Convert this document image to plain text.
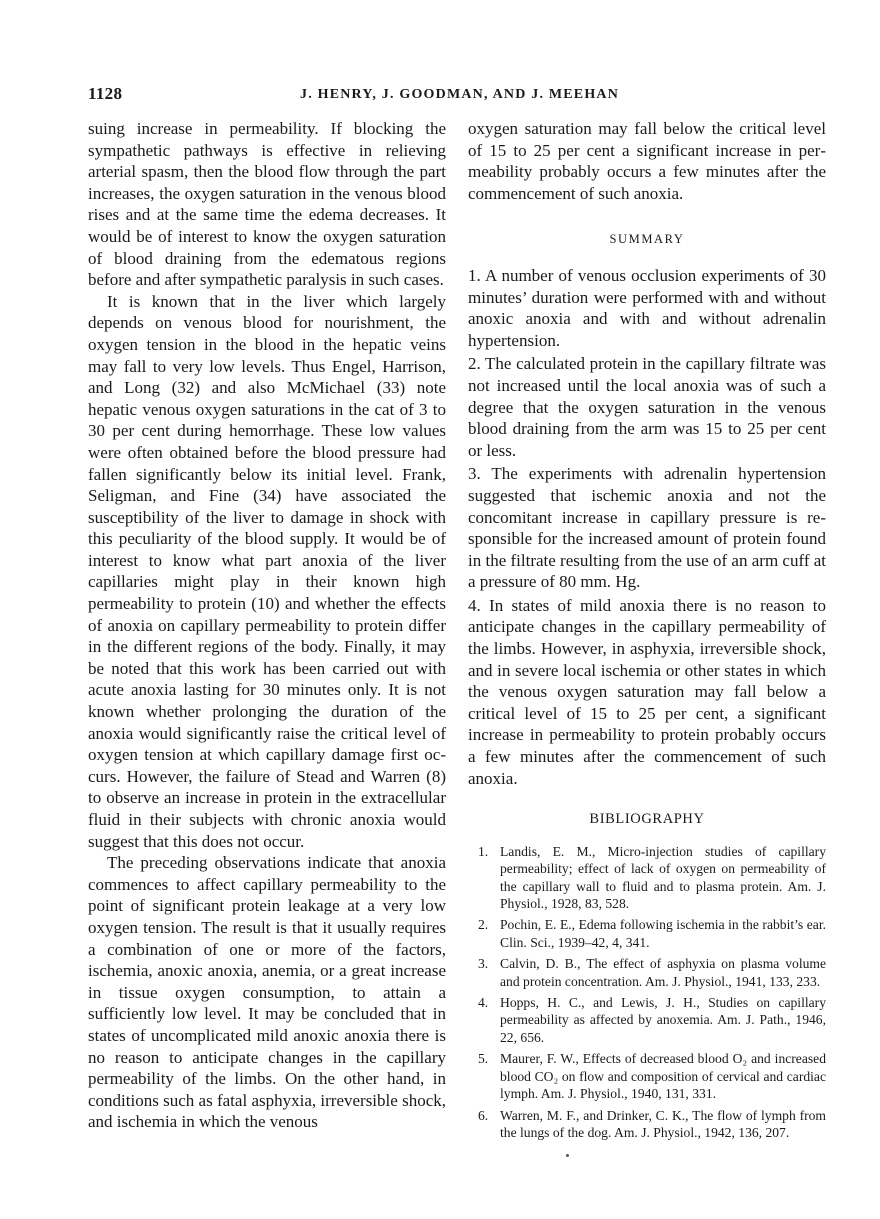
1128	J. HENRY, J. GOODMAN, AND J. MEEHAN

suing increase in permeability. If blocking the sympathetic pathways is effective in relieving arterial spasm, then the blood flow through the part increases, the oxygen saturation in the venous blood rises and at the same time the edema decreases. It would be of interest to know the oxygen saturation of blood draining from the edematous regions before and after sympathetic paralysis in such cases.

It is known that in the liver which largely depends on venous blood for nourishment, the oxygen tension in the blood in the hepatic veins may fall to very low levels. Thus Engel, Harrison, and Long (32) and also McMichael (33) note hepatic venous oxygen saturations in the cat of 3 to 30 per cent during hemorrhage. These low values were often obtained before the blood pressure had fallen significantly below its initial level. Frank, Seligman, and Fine (34) have associated the susceptibility of the liver to damage in shock with this peculiarity of the blood supply. It would be of interest to know what part anoxia of the liver capillaries might play in their known high permeability to protein (10) and whether the effects of anoxia on capillary permeability to protein differ in the different regions of the body. Finally, it may be noted that this work has been carried out with acute anoxia lasting for 30 minutes only. It is not known whether prolonging the duration of the anoxia would significantly raise the critical level of oxygen tension at which capillary damage first occurs. However, the failure of Stead and Warren (8) to observe an increase in protein in the extracellular fluid in their subjects with chronic anoxia would suggest that this does not occur.

The preceding observations indicate that anoxia commences to affect capillary permeability to the point of significant protein leakage at a very low oxygen tension. The result is that it usually requires a combination of one or more of the factors, ischemia, anoxic anoxia, anemia, or a great increase in tissue oxygen consumption, to attain a sufficiently low level. It may be concluded that in states of uncomplicated mild anoxic anoxia there is no reason to anticipate changes in the capillary permeability of the limbs. On the other hand, in conditions such as fatal asphyxia, irreversible shock, and ischemia in which the venous

oxygen saturation may fall below the critical level of 15 to 25 per cent a significant increase in permeability probably occurs a few minutes after the commencement of such anoxia.

SUMMARY

1. A number of venous occlusion experiments of 30 minutes’ duration were performed with and without anoxic anoxia and with and without adrenalin hypertension.

2. The calculated protein in the capillary filtrate was not increased until the local anoxia was of such a degree that the oxygen saturation in the venous blood draining from the arm was 15 to 25 per cent or less.

3. The experiments with adrenalin hypertension suggested that ischemic anoxia and not the concomitant increase in capillary pressure is responsible for the increased amount of protein found in the filtrate resulting from the use of an arm cuff at a pressure of 80 mm. Hg.

4. In states of mild anoxia there is no reason to anticipate changes in the capillary permeability of the limbs. However, in asphyxia, irreversible shock, and in severe local ischemia or other states in which the venous oxygen saturation may fall below a critical level of 15 to 25 per cent, a significant increase in permeability to protein probably occurs a few minutes after the commencement of such anoxia.

BIBLIOGRAPHY
1. Landis, E. M., Micro-injection studies of capillary permeability; effect of lack of oxygen on permeability of the capillary wall to fluid and to plasma protein. Am. J. Physiol., 1928, 83, 528.
2. Pochin, E. E., Edema following ischemia in the rabbit’s ear. Clin. Sci., 1939–42, 4, 341.
3. Calvin, D. B., The effect of asphyxia on plasma volume and protein concentration. Am. J. Physiol., 1941, 133, 233.
4. Hopps, H. C., and Lewis, J. H., Studies on capillary permeability as affected by anoxemia. Am. J. Path., 1946, 22, 656.
5. Maurer, F. W., Effects of decreased blood O₂ and increased blood CO₂ on flow and composition of cervical and cardiac lymph. Am. J. Physiol., 1940, 131, 331.
6. Warren, M. F., and Drinker, C. K., The flow of lymph from the lungs of the dog. Am. J. Physiol., 1942, 136, 207.
